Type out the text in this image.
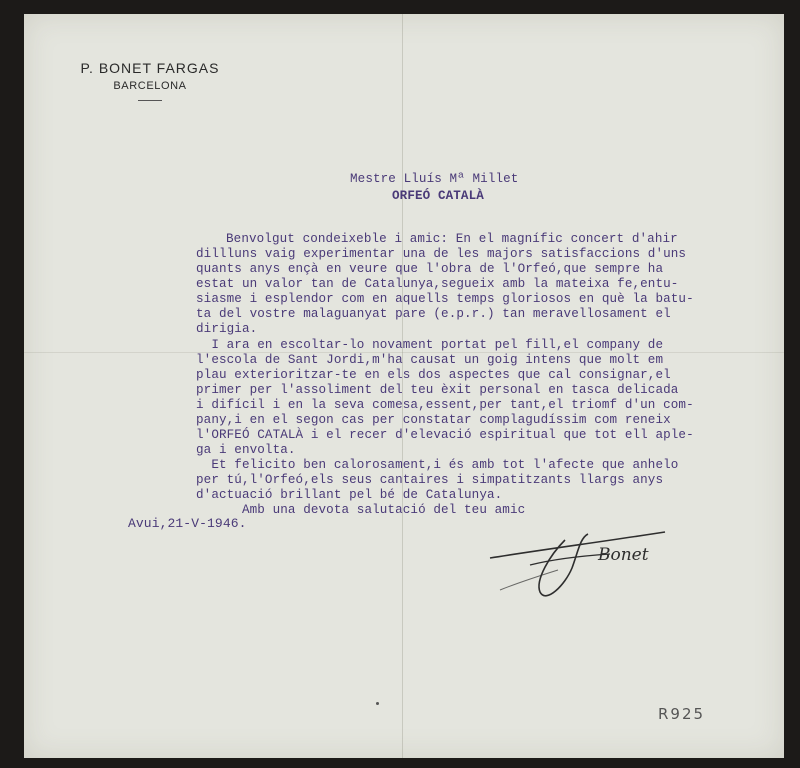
P. BONET FARGAS
BARCELONA
Mestre Lluís Mª Millet
ORFEÓ CATALÀ
Benvolgut condeixeble i amic: En el magnífic concert d'ahir
dillluns vaig experimentar una de les majors satisfaccions d'uns
quants anys ençà en veure que l'obra de l'Orfeó,que sempre ha
estat un valor tan de Catalunya,segueix amb la mateixa fe,entu-
siasme i esplendor com en aquells temps gloriosos en què la batu-
ta del vostre malaguanyat pare (e.p.r.) tan meravellosament el
dirigia.
I ara en escoltar-lo novament portat pel fill,el company de
l'escola de Sant Jordi,m'ha causat un goig intens que molt em
plau exterioritzar-te en els dos aspectes que cal consignar,el
primer per l'assoliment del teu èxit personal en tasca delicada
i difícil i en la seva comesa,essent,per tant,el triomf d'un com-
pany,i en el segon cas per constatar complagudíssim com reneix
l'ORFEÓ CATALÀ i el recer d'elevació espiritual que tot ell aple-
ga i envolta.
Et felicito ben calorosament,i és amb tot l'afecte que anhelo
per tú,l'Orfeó,els seus cantaires i simpatitzants llargs anys
d'actuació brillant pel bé de Catalunya.
Amb una devota salutació del teu amic
Avui,21-V-1946.
Bonet
R925
